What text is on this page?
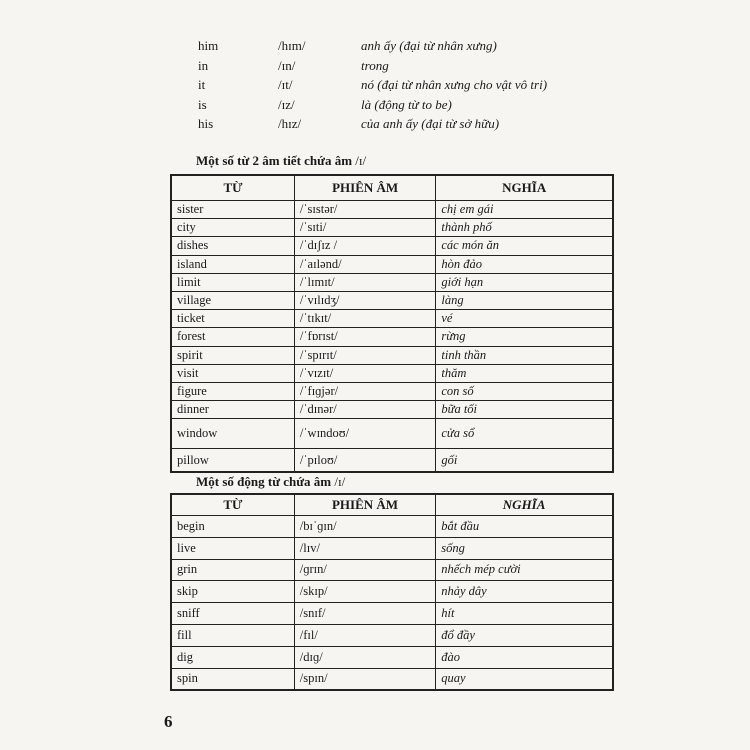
him	/hɪm/	anh ấy (đại từ nhân xưng)
in	/ɪn/	trong
it	/ɪt/	nó (đại từ nhân xưng cho vật vô tri)
is	/ɪz/	là (động từ to be)
his	/hɪz/	của anh ấy (đại từ sở hữu)
Một số từ 2 âm tiết chứa âm /ɪ/
TỪ	PHIÊN ÂM	NGHĨA
sister	/ˈsɪstər/	chị em gái
city	/ˈsɪti/	thành phố
dishes	/ˈdɪʃɪz /	các món ăn
island	/ˈaɪlənd/	hòn đảo
limit	/ˈlɪmɪt/	giới hạn
village	/ˈvɪlɪdʒ/	làng
ticket	/ˈtɪkɪt/	vé
forest	/ˈfɒrɪst/	rừng
spirit	/ˈspɪrɪt/	tinh thần
visit	/ˈvɪzɪt/	thăm
figure	/ˈfɪɡjər/	con số
dinner	/ˈdɪnər/	bữa tối
window	/ˈwɪndoʊ/	cửa sổ
pillow	/ˈpɪloʊ/	gối
Một số động từ chứa âm /ɪ/
TỪ	PHIÊN ÂM	NGHĨA
begin	/bɪˈɡɪn/	bắt đầu
live	/lɪv/	sống
grin	/ɡrɪn/	nhếch mép cười
skip	/skɪp/	nhảy dây
sniff	/snɪf/	hít
fill	/fɪl/	đổ đầy
dig	/dɪɡ/	đào
spin	/spɪn/	quay
6
